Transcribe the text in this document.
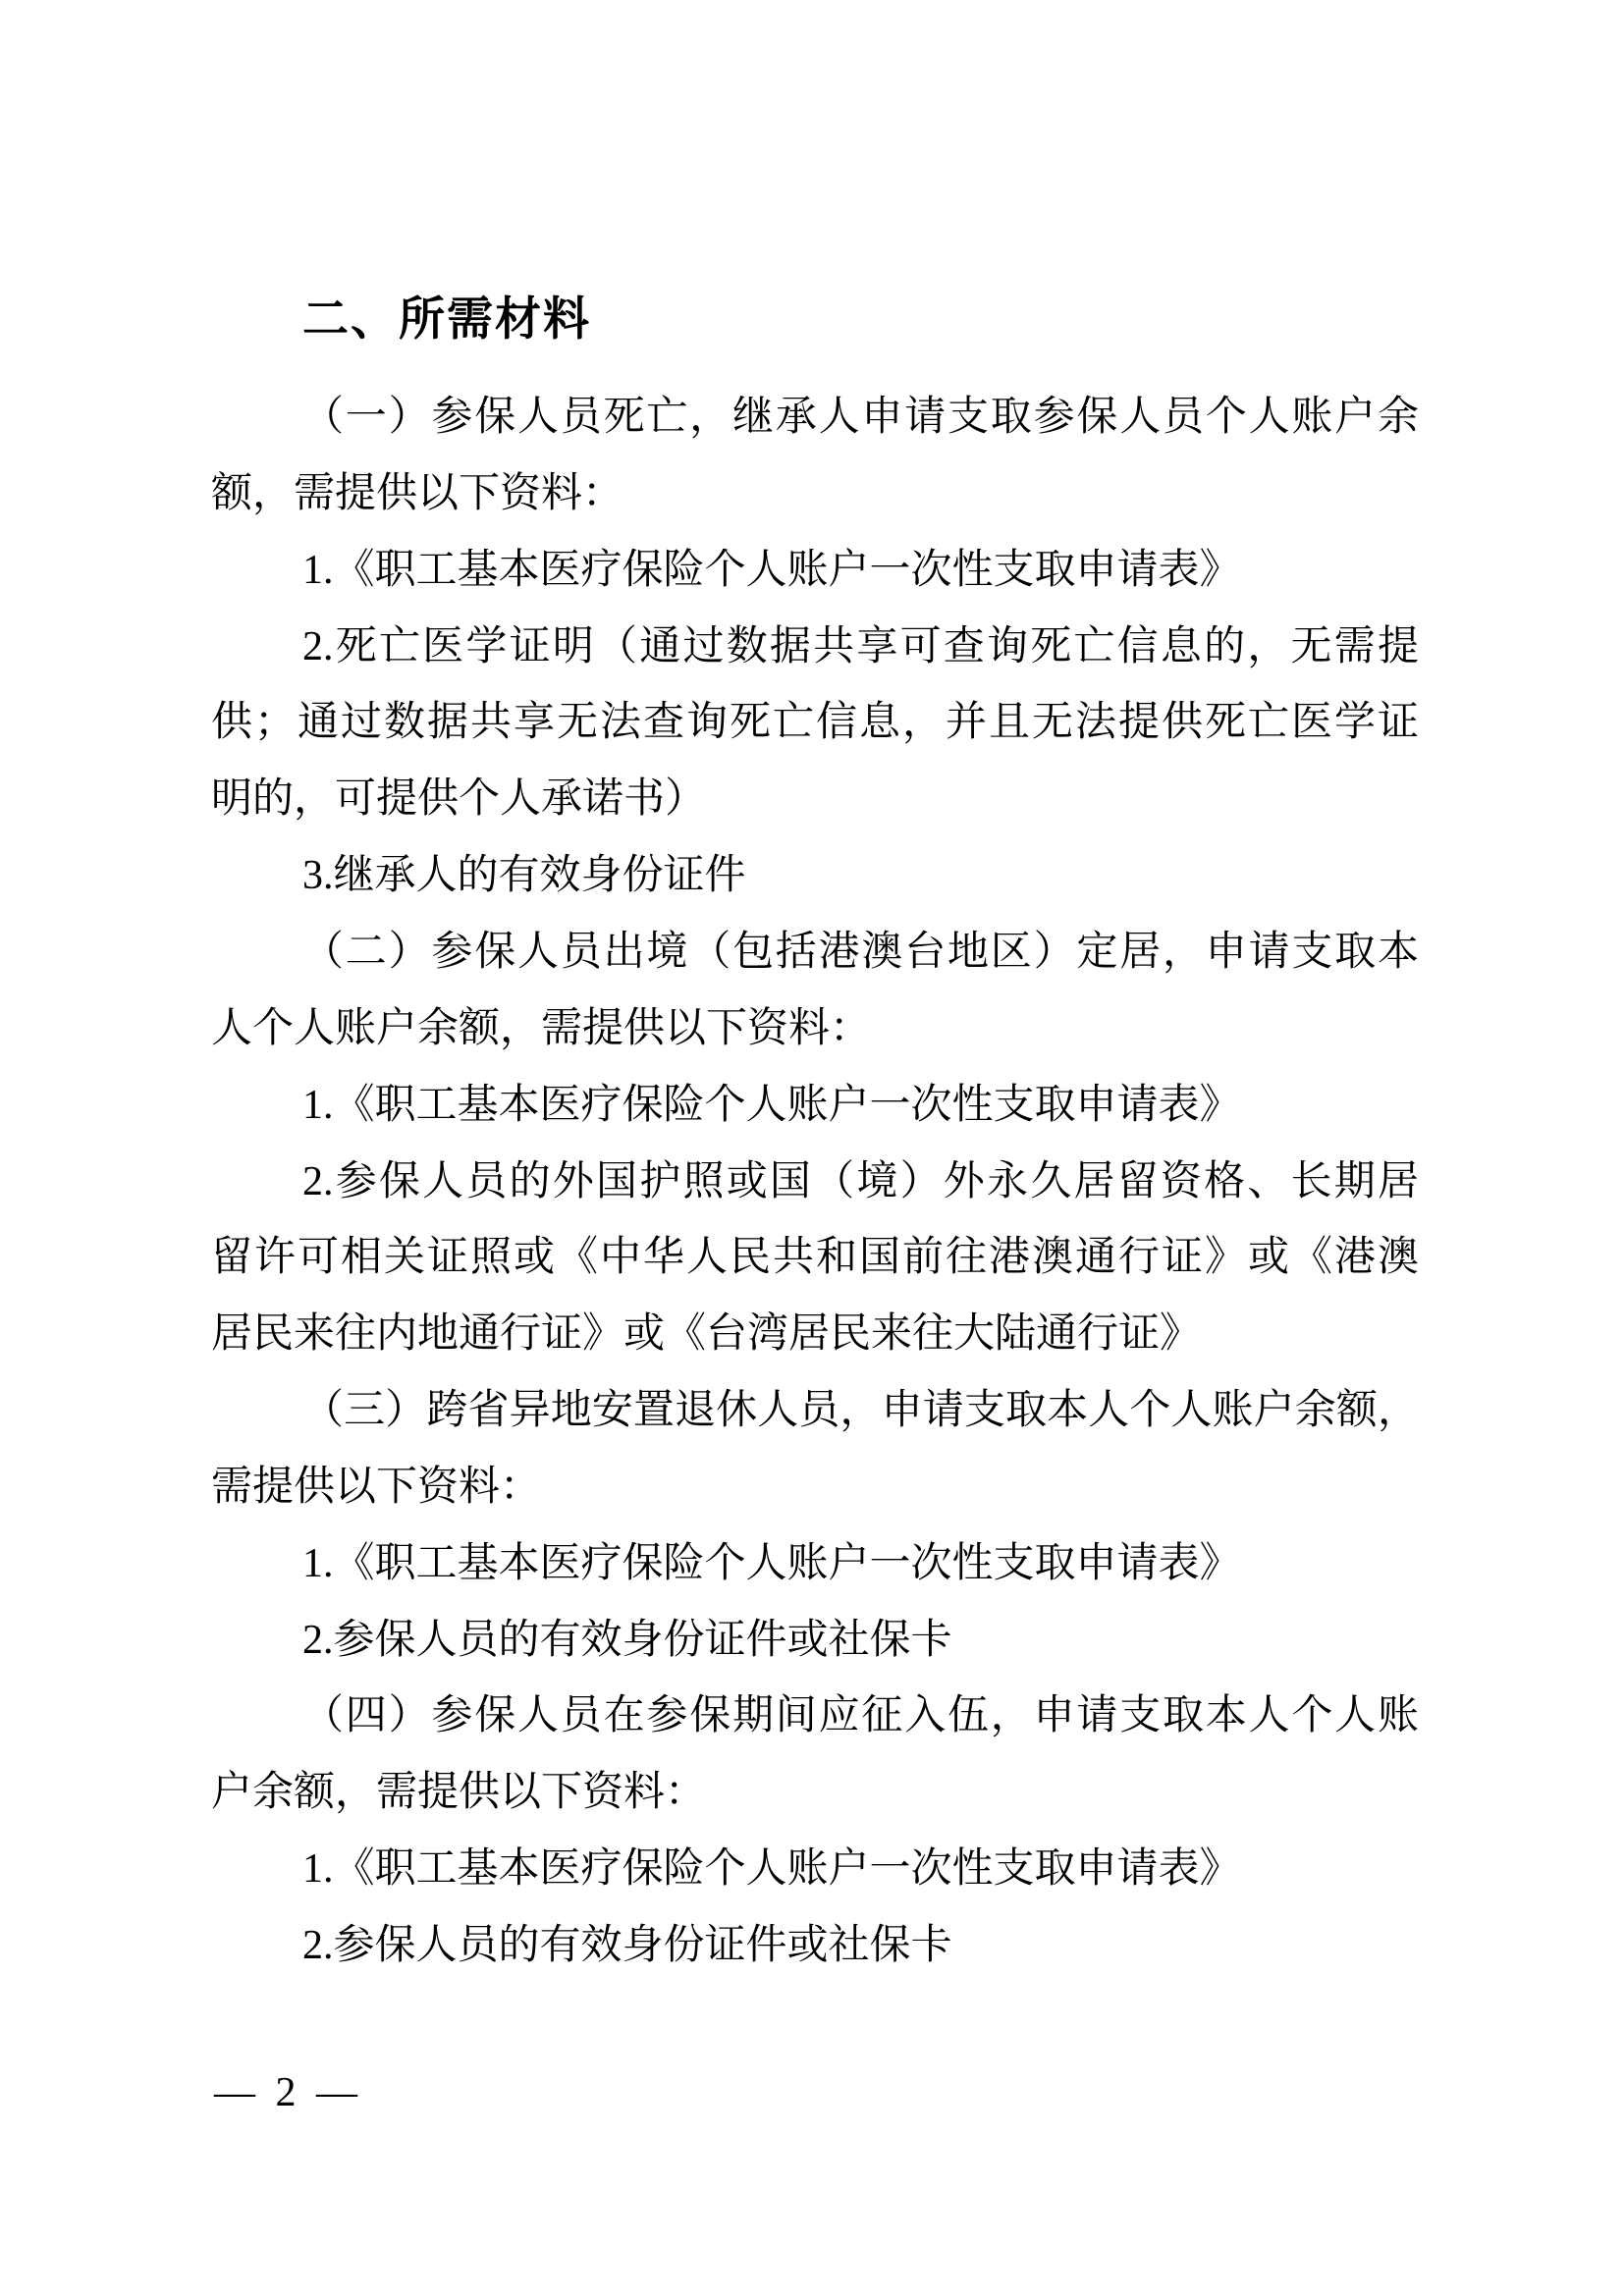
二、所需材料
（一）参保人员死亡，继承人申请支取参保人员个人账户余
额，需提供以下资料：
1.《职工基本医疗保险个人账户一次性支取申请表》
2.死亡医学证明（通过数据共享可查询死亡信息的，无需提
供；通过数据共享无法查询死亡信息，并且无法提供死亡医学证
明的，可提供个人承诺书）
3.继承人的有效身份证件
（二）参保人员出境（包括港澳台地区）定居，申请支取本
人个人账户余额，需提供以下资料：
1.《职工基本医疗保险个人账户一次性支取申请表》
2.参保人员的外国护照或国（境）外永久居留资格、长期居
留许可相关证照或《中华人民共和国前往港澳通行证》或《港澳
居民来往内地通行证》或《台湾居民来往大陆通行证》
（三）跨省异地安置退休人员，申请支取本人个人账户余额，
需提供以下资料：
1.《职工基本医疗保险个人账户一次性支取申请表》
2.参保人员的有效身份证件或社保卡
（四）参保人员在参保期间应征入伍，申请支取本人个人账
户余额，需提供以下资料：
1.《职工基本医疗保险个人账户一次性支取申请表》
2.参保人员的有效身份证件或社保卡
— 2 —
